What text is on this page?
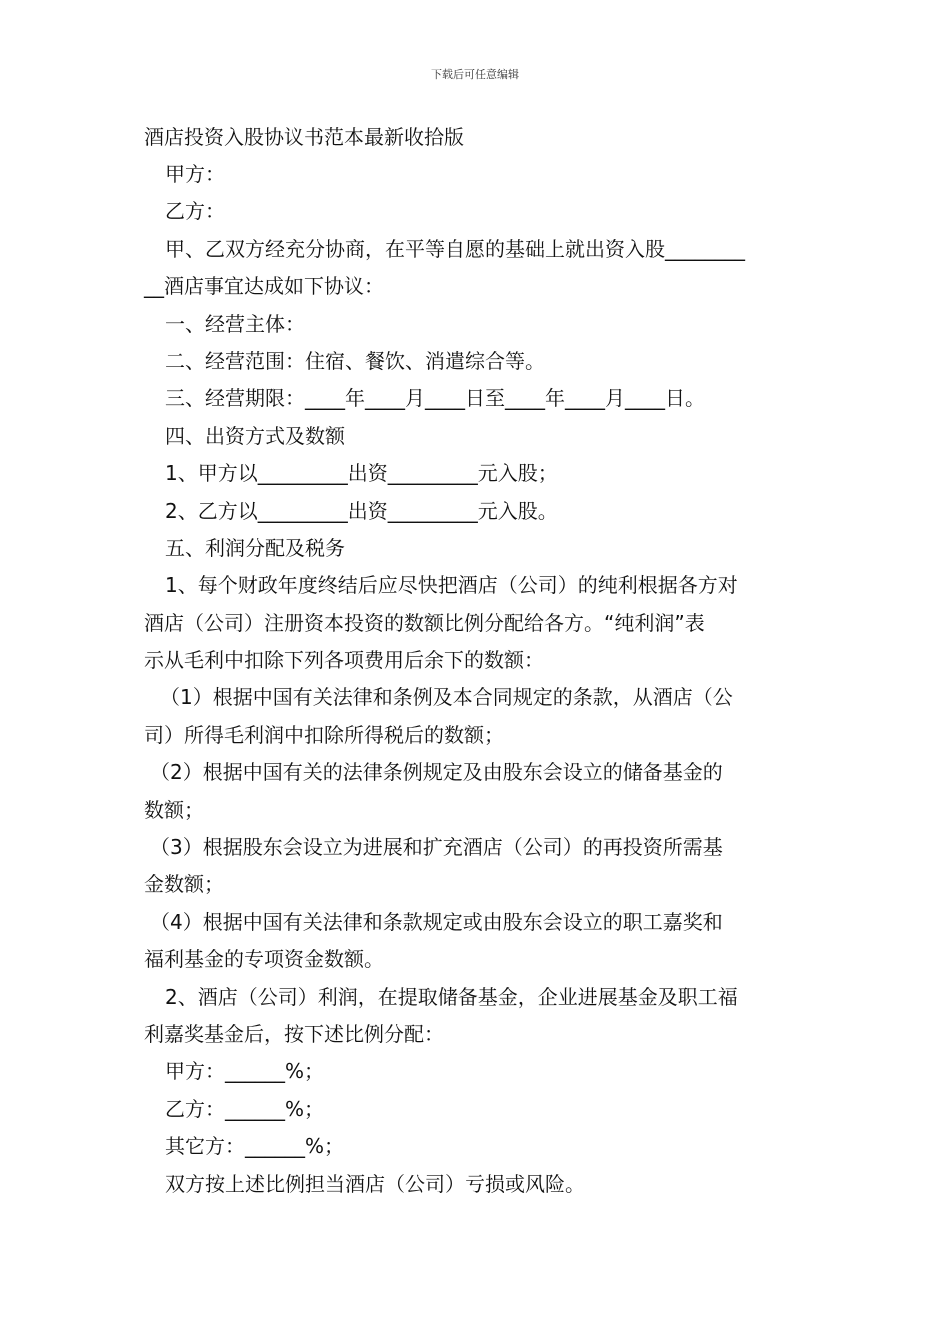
下载后可任意编辑
酒店投资入股协议书范本最新收拾版
甲方：
乙方：
甲、乙双方经充分协商，在平等自愿的基础上就出资入股________
__酒店事宜达成如下协议：
一、经营主体：
二、经营范围：住宿、餐饮、消遣综合等。
三、经营期限：____年____月____日至____年____月____日。
四、出资方式及数额
1、甲方以_________出资_________元入股；
2、乙方以_________出资_________元入股。
五、利润分配及税务
1、每个财政年度终结后应尽快把酒店（公司）的纯利根据各方对
酒店（公司）注册资本投资的数额比例分配给各方。“纯利润”表
示从毛利中扣除下列各项费用后余下的数额：
（1）根据中国有关法律和条例及本合同规定的条款，从酒店（公
司）所得毛利润中扣除所得税后的数额；
（2）根据中国有关的法律条例规定及由股东会设立的储备基金的
数额；
（3）根据股东会设立为进展和扩充酒店（公司）的再投资所需基
金数额；
（4）根据中国有关法律和条款规定或由股东会设立的职工嘉奖和
福利基金的专项资金数额。
2、酒店（公司）利润，在提取储备基金，企业进展基金及职工福
利嘉奖基金后，按下述比例分配：
甲方：______%；
乙方：______%；
其它方：______%；
双方按上述比例担当酒店（公司）亏损或风险。
